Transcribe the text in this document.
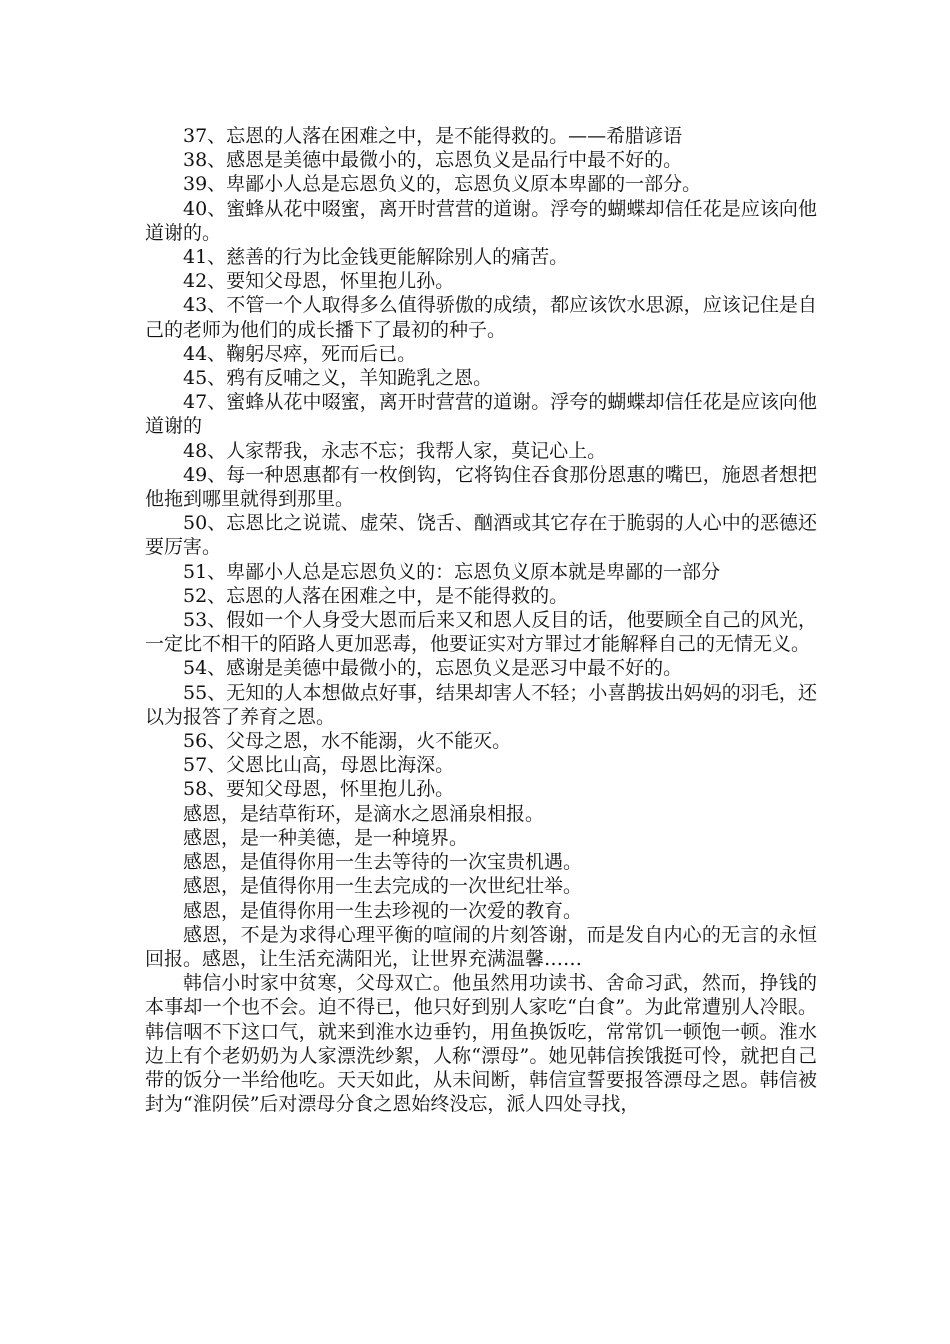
37、忘恩的人落在困难之中，是不能得救的。——希腊谚语

38、感恩是美德中最微小的，忘恩负义是品行中最不好的。

39、卑鄙小人总是忘恩负义的，忘恩负义原本卑鄙的一部分。

40、蜜蜂从花中啜蜜，离开时营营的道谢。浮夸的蝴蝶却信任花是应该向他道谢的。

41、慈善的行为比金钱更能解除别人的痛苦。

42、要知父母恩，怀里抱儿孙。

43、不管一个人取得多么值得骄傲的成绩，都应该饮水思源，应该记住是自己的老师为他们的成长播下了最初的种子。

44、鞠躬尽瘁，死而后已。

45、鸦有反哺之义，羊知跪乳之恩。

47、蜜蜂从花中啜蜜，离开时营营的道谢。浮夸的蝴蝶却信任花是应该向他道谢的

48、人家帮我，永志不忘；我帮人家，莫记心上。

49、每一种恩惠都有一枚倒钩，它将钩住吞食那份恩惠的嘴巴，施恩者想把他拖到哪里就得到那里。

50、忘恩比之说谎、虚荣、饶舌、酗酒或其它存在于脆弱的人心中的恶德还要厉害。

51、卑鄙小人总是忘恩负义的：忘恩负义原本就是卑鄙的一部分

52、忘恩的人落在困难之中，是不能得救的。

53、假如一个人身受大恩而后来又和恩人反目的话，他要顾全自己的风光，一定比不相干的陌路人更加恶毒，他要证实对方罪过才能解释自己的无情无义。

54、感谢是美德中最微小的，忘恩负义是恶习中最不好的。

55、无知的人本想做点好事，结果却害人不轻；小喜鹊拔出妈妈的羽毛，还以为报答了养育之恩。

56、父母之恩，水不能溺，火不能灭。

57、父恩比山高，母恩比海深。

58、要知父母恩，怀里抱儿孙。

感恩，是结草衔环，是滴水之恩涌泉相报。

感恩，是一种美德，是一种境界。

感恩，是值得你用一生去等待的一次宝贵机遇。

感恩，是值得你用一生去完成的一次世纪壮举。

感恩，是值得你用一生去珍视的一次爱的教育。

感恩，不是为求得心理平衡的喧闹的片刻答谢，而是发自内心的无言的永恒回报。感恩，让生活充满阳光，让世界充满温馨……

韩信小时家中贫寒，父母双亡。他虽然用功读书、舍命习武，然而，挣钱的本事却一个也不会。迫不得已，他只好到别人家吃“白食”。为此常遭别人冷眼。韩信咽不下这口气，就来到淮水边垂钓，用鱼换饭吃，常常饥一顿饱一顿。淮水边上有个老奶奶为人家漂洗纱絮，人称“漂母”。她见韩信挨饿挺可怜，就把自己带的饭分一半给他吃。天天如此，从未间断，韩信宣誓要报答漂母之恩。韩信被封为“淮阴侯”后对漂母分食之恩始终没忘，派人四处寻找，
